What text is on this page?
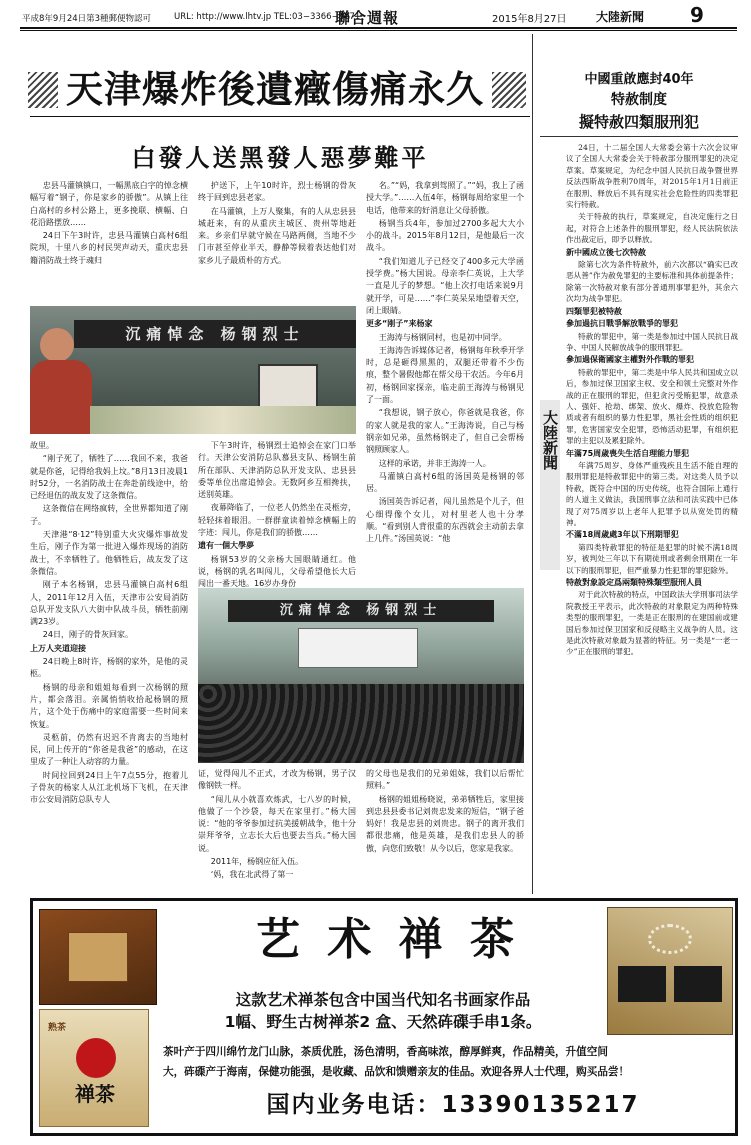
平成8年9月24日第3種郵便物認可	URL: http://www.lhtv.jp TEL:03−3366−8071
聯合週報	2015年8月27日 大陸新聞 9
天津爆炸後遺癥傷痛永久
白發人送黑發人惡夢難平

忠县马灌镇镇口，一幅黑底白字的悼念横幅写着“钢子，你是家乡的骄傲”。从镇上往白高村的乡村公路上，更多挽联、横幅、白花沿路摆放……

24日下午3时许，忠县马灌镇白高村6组院坝，十里八乡的村民哭声动天，重庆忠县籍消防战士终于魂归

护送下，上午10时许，烈士杨钢的骨灰终于回到忠县老家。

在马灌镇，上万人聚集，有的人从忠县县城赶来，有的从重庆主城区、贵州等地赶来。乡亲们早就守候在马路两侧，当地不少门市甚至停业半天，静静等候着表达他们对家乡儿子最质朴的方式。

沉痛悼念 杨钢烈士

名。”“妈，我拿到驾照了。”“妈，我上了函授大学。”……入伍4年，杨钢每周给家里一个电话，他带来的好消息让父母骄傲。

杨钢当兵4年，参加过2700多起大大小小的战斗。2015年8月12日，是他最后一次战斗。

“我们知道儿子已经交了400多元大学函授学费。”杨大国说。母亲李仁英说，上大学一直是儿子的梦想。“他上次打电话来说9月就开学，可是……”李仁英呆呆地望着天空，闭上眼睛。

更多“刚子”来杨家

王海涛与杨钢同村，也是初中同学。

王海涛告诉媒体记者，杨钢每年秋季开学时，总是砸得黑黑的，双腿还带着不少伤痕，整个暑假他都在帮父母干农活。今年6月初，杨钢回家探亲，临走前王海涛与杨钢见了一面。

“我想说，钢子放心，你爸就是我爸，你的家人就是我的家人。”王海涛说，自己与杨钢亲如兄弟，虽然杨钢走了，但自己会帮杨钢照顾家人。

这样的承诺，并非王海涛一人。

马灌镇白高村6组的汤国英是杨钢的邻居。

汤国英告诉记者，闯儿虽然是个儿子，但心细得像个女儿，对村里老人也十分孝顺。“看到别人背很重的东西就会主动前去拿上几件。”汤国英说：“他

故里。

“刚子死了，牺牲了……我回不来，我爸就是你爸，记得给我妈上坟。”8月13日凌晨1时52分，一名消防战士在奔赴前线途中，给已经退伍的战友发了这条微信。

这条微信在网络疯转，全世界都知道了刚子。

天津港“8·12”特别重大火灾爆炸事故发生后，刚子作为第一批进入爆炸现场的消防战士，不幸牺牲了。他牺牲后，战友发了这条微信。

刚子本名杨钢，忠县马灌镇白高村6组人，2011年12月入伍，天津市公安局消防总队开发支队八大街中队战斗员，牺牲前刚满23岁。

24日，刚子的骨灰回家。

上万人夹道迎接

24日晚上8时许，杨钢的家外，是他的灵柩。

杨钢的母亲和姐姐每看到一次杨钢的照片，都会落泪。亲属悄悄收拾起杨钢的照片，这个处于伤痛中的家庭需要一些时间来恢复。

灵柩前，仍然有迟迟不肯离去的当地村民，同上传开的“你爸是我爸”的感动，在这里成了一种让人动容的力量。

时间拉回到24日上午7点55分，抱着儿子骨灰的杨家人从江北机场下飞机，在天津市公安局消防总队专人

下午3时许，杨钢烈士追悼会在家门口举行。天津公安消防总队慕县支队、杨钢生前所在部队、天津消防总队开发支队、忠县县委等单位出席追悼会。无数阿乡互相搀扶，送别英雄。

夜幕降临了，一位老人仍然坐在灵柩旁，轻轻抹着眼泪。一群群童读着悼念横幅上的字迹：闯儿，你是我们的骄傲……

遗有一個大學夢

杨钢53岁的父亲杨大国眼睛通红。他说，杨钢的乳名叫闯儿，父母希望他长大后闯出一番天地。16岁办身份

沉痛悼念 杨钢烈士

证，觉得闯儿不正式，才改为杨钢，男子汉像钢铁一样。

“闯儿从小就喜欢炼武，七八岁的时候，他做了一个沙袋，每天在家里打。”杨大国说：“他的爷爷参加过抗美援朝战争，他十分崇拜爷爷，立志长大后也要去当兵。”杨大国说。

2011年，杨钢应征入伍。

‘妈，我在北武得了第一

的父母也是我们的兄弟姐妹，我们以后帮忙照料。”

杨钢的姐姐杨晓说，弟弟牺牲后，家里接到忠县县委书记刘贵忠发来的短信，“钢子爸妈好！我是忠县的刘贵忠。钢子的离开我们都很悲痛，他是英雄，是我们忠县人的骄傲，向您们致敬！从今以后，您家是我家。

中國重啟應封40年
特赦制度
擬特赦四類服刑犯

24日，十二届全国人大常委会第十六次会议审议了全国人大常委会关于特赦部分服刑罪犯的决定草案。草案规定，为纪念中国人民抗日战争暨世界反法西斯战争胜利70周年，对2015年1月1日前正在服刑、释放后不具有现实社会危险性的四类罪犯实行特赦。

关于特赦的执行，草案规定，自决定施行之日起，对符合上述条件的服刑罪犯，经人民法院依法作出裁定后，即予以释放。

新中國成立後七次特赦

除第七次为条件特赦外，前六次都以“确实已改恶从善”作为赦免罪犯的主要标准和具体前提条件；除第一次特赦对象有部分普通刑事罪犯外，其余六次均为战争罪犯。

四類罪犯被特赦

參加過抗日戰爭解放戰爭的罪犯

特赦的罪犯中，第一类是参加过中国人民抗日战争、中国人民解放战争的服刑罪犯。

參加過保衛國家主權對外作戰的罪犯

特赦的罪犯中，第二类是中华人民共和国成立以后，参加过保卫国家主权、安全和领土完整对外作战的正在服刑的罪犯，但犯贪污受贿犯罪，故意杀人、强奸、抢劫、绑架、放火、爆炸、投放危险物质或者有组织的暴力性犯罪，黑社会性质的组织犯罪，危害国家安全犯罪，恐怖活动犯罪，有组织犯罪的主犯以及累犯除外。

年滿75周歲喪失生活自理能力罪犯

年满75周岁、身体严重残疾且生活不能自理的服刑罪犯是特赦罪犯中的第三类。对这类人员予以特赦，既符合中国的历史传统，也符合国际上通行的人道主义做法，我国刑事立法和司法实践中已体现了对75周岁以上老年人犯罪予以从宽处罚的精神。

不滿18周歲處3年以下刑期罪犯

第四类特赦罪犯的特征是犯罪的时候不满18周岁，被判处三年以下有期徒刑或者剩余刑期在一年以下的服刑罪犯，但严重暴力性犯罪的罪犯除外。

特赦對象設定爲兩類特殊類型服刑人員

对于此次特赦的特点，中国政法大学刑事司法学院教授王平表示，此次特赦的对象限定为两种特殊类型的服刑罪犯，一类是正在服刑的在建国前或建国后参加过保卫国家和反侵略主义战争的人员。这是此次特赦对象最为显著的特征。另一类是“一老一少”正在服刑的罪犯。

大陸新聞
熟茶
禅茶
艺 术 禅 茶
这款艺术禅茶包含中国当代知名书画家作品
1幅、野生古树禅茶2 盒、天然砗磲手串1条。
茶叶产于四川绵竹龙门山脉，茶质优胜，汤色清明，香高味浓，醇厚鲜爽，作品精美，升值空间
大，砗磲产于海南，保健功能强，是收藏、品饮和馈赠亲友的佳品。欢迎各界人士代理，购买品尝！
国内业务电话：13390135217
